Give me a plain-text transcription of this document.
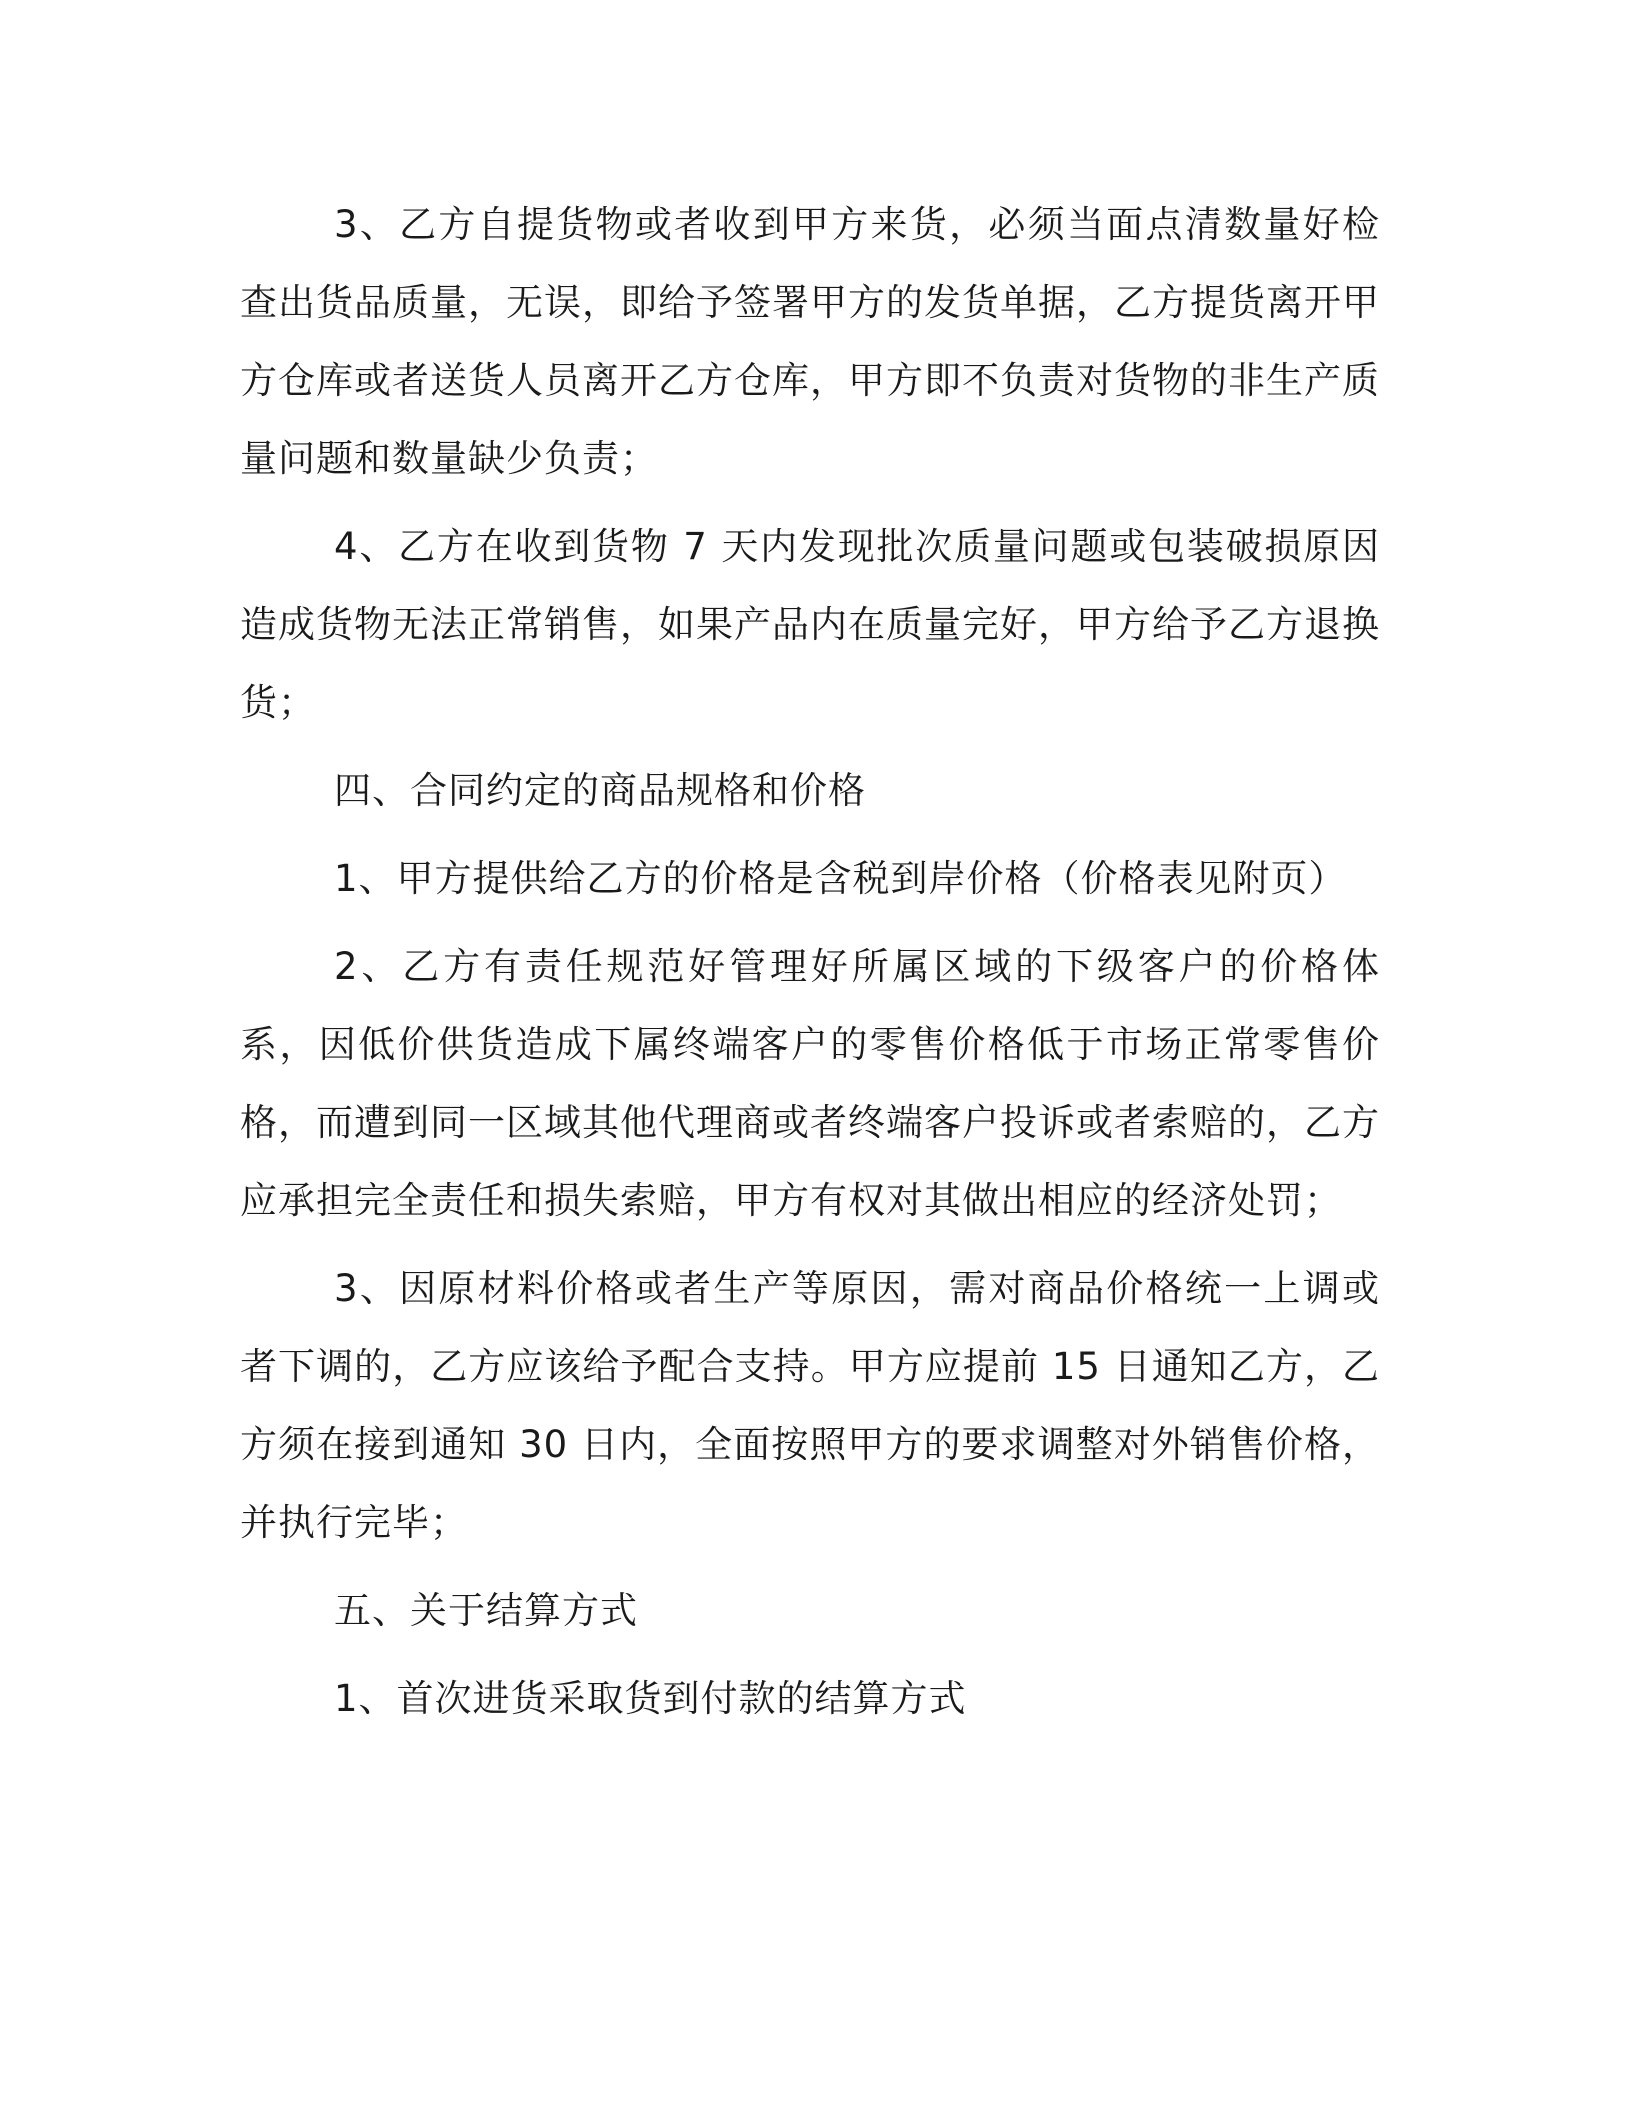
3、乙方自提货物或者收到甲方来货，必须当面点清数量好检查出货品质量，无误，即给予签署甲方的发货单据，乙方提货离开甲方仓库或者送货人员离开乙方仓库，甲方即不负责对货物的非生产质量问题和数量缺少负责；

4、乙方在收到货物 7 天内发现批次质量问题或包装破损原因造成货物无法正常销售，如果产品内在质量完好，甲方给予乙方退换货；

四、合同约定的商品规格和价格

1、甲方提供给乙方的价格是含税到岸价格（价格表见附页）

2、乙方有责任规范好管理好所属区域的下级客户的价格体系，因低价供货造成下属终端客户的零售价格低于市场正常零售价格，而遭到同一区域其他代理商或者终端客户投诉或者索赔的，乙方应承担完全责任和损失索赔，甲方有权对其做出相应的经济处罚；

3、因原材料价格或者生产等原因，需对商品价格统一上调或者下调的，乙方应该给予配合支持。甲方应提前 15 日通知乙方，乙方须在接到通知 30 日内，全面按照甲方的要求调整对外销售价格，并执行完毕；

五、关于结算方式

1、首次进货采取货到付款的结算方式
